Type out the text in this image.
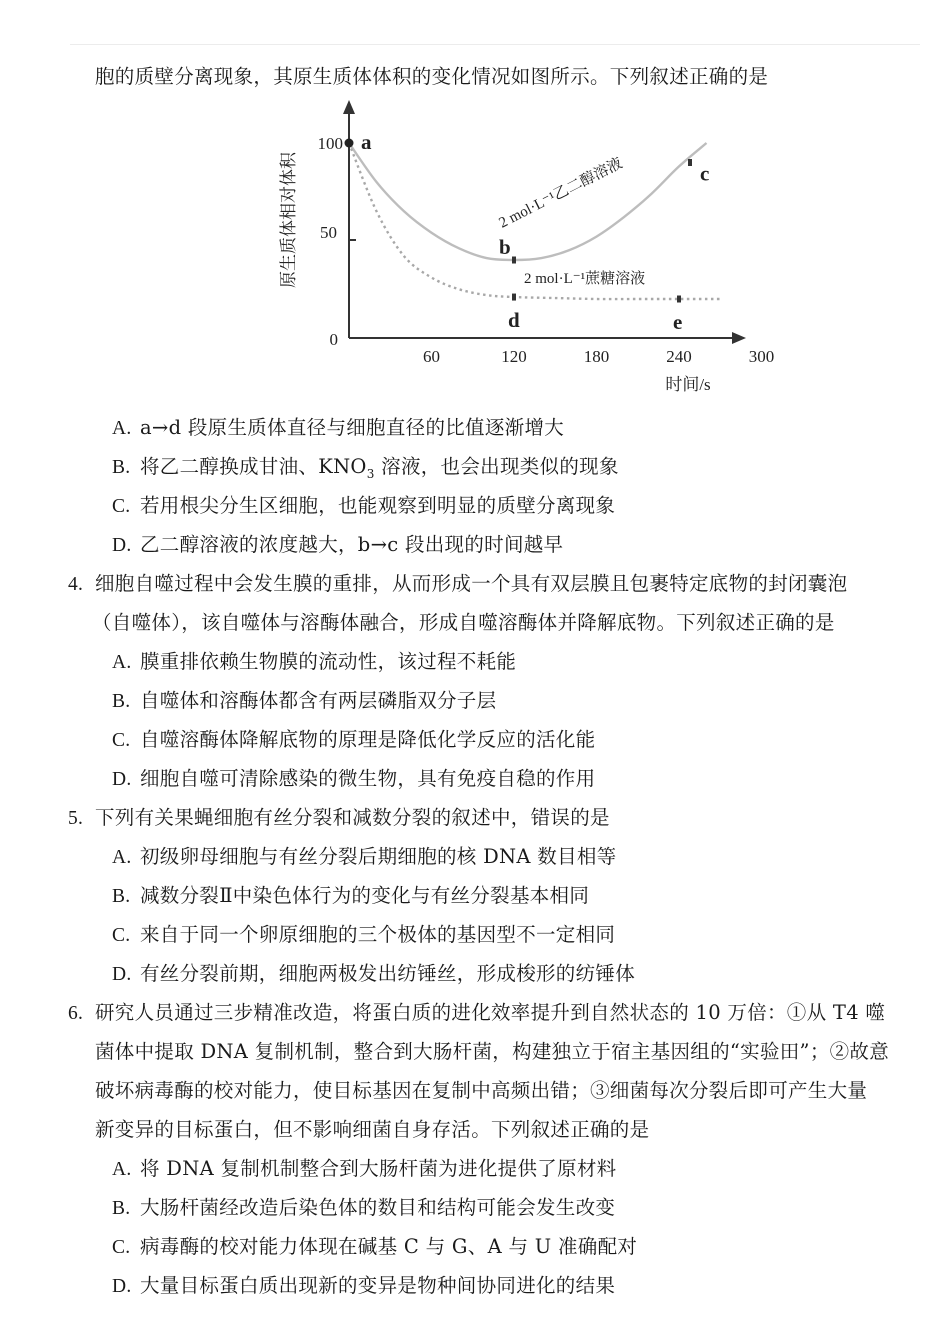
胞的质壁分离现象，其原生质体体积的变化情况如图所示。下列叙述正确的是
原生质体相对体积
100
50
0
60	120	180	240	300
时间/s
a
b
c
d	e
2 mol·L⁻¹乙二醇溶液
2 mol·L⁻¹蔗糖溶液
A. a→d 段原生质体直径与细胞直径的比值逐渐增大
B. 将乙二醇换成甘油、$KNO_3$ 溶液，也会出现类似的现象
C. 若用根尖分生区细胞，也能观察到明显的质壁分离现象
D. 乙二醇溶液的浓度越大，b→c 段出现的时间越早
4. 细胞自噬过程中会发生膜的重排，从而形成一个具有双层膜且包裹特定底物的封闭囊泡
（自噬体），该自噬体与溶酶体融合，形成自噬溶酶体并降解底物。下列叙述正确的是
A. 膜重排依赖生物膜的流动性，该过程不耗能
B. 自噬体和溶酶体都含有两层磷脂双分子层
C. 自噬溶酶体降解底物的原理是降低化学反应的活化能
D. 细胞自噬可清除感染的微生物，具有免疫自稳的作用
5. 下列有关果蝇细胞有丝分裂和减数分裂的叙述中，错误的是
A. 初级卵母细胞与有丝分裂后期细胞的核 DNA 数目相等
B. 减数分裂Ⅱ中染色体行为的变化与有丝分裂基本相同
C. 来自于同一个卵原细胞的三个极体的基因型不一定相同
D. 有丝分裂前期，细胞两极发出纺锤丝，形成梭形的纺锤体
6. 研究人员通过三步精准改造，将蛋白质的进化效率提升到自然状态的 10 万倍：①从 T4 噬
菌体中提取 DNA 复制机制，整合到大肠杆菌，构建独立于宿主基因组的“实验田”；②故意
破坏病毒酶的校对能力，使目标基因在复制中高频出错；③细菌每次分裂后即可产生大量
新变异的目标蛋白，但不影响细菌自身存活。下列叙述正确的是
A. 将 DNA 复制机制整合到大肠杆菌为进化提供了原材料
B. 大肠杆菌经改造后染色体的数目和结构可能会发生改变
C. 病毒酶的校对能力体现在碱基 C 与 G、A 与 U 准确配对
D. 大量目标蛋白质出现新的变异是物种间协同进化的结果
